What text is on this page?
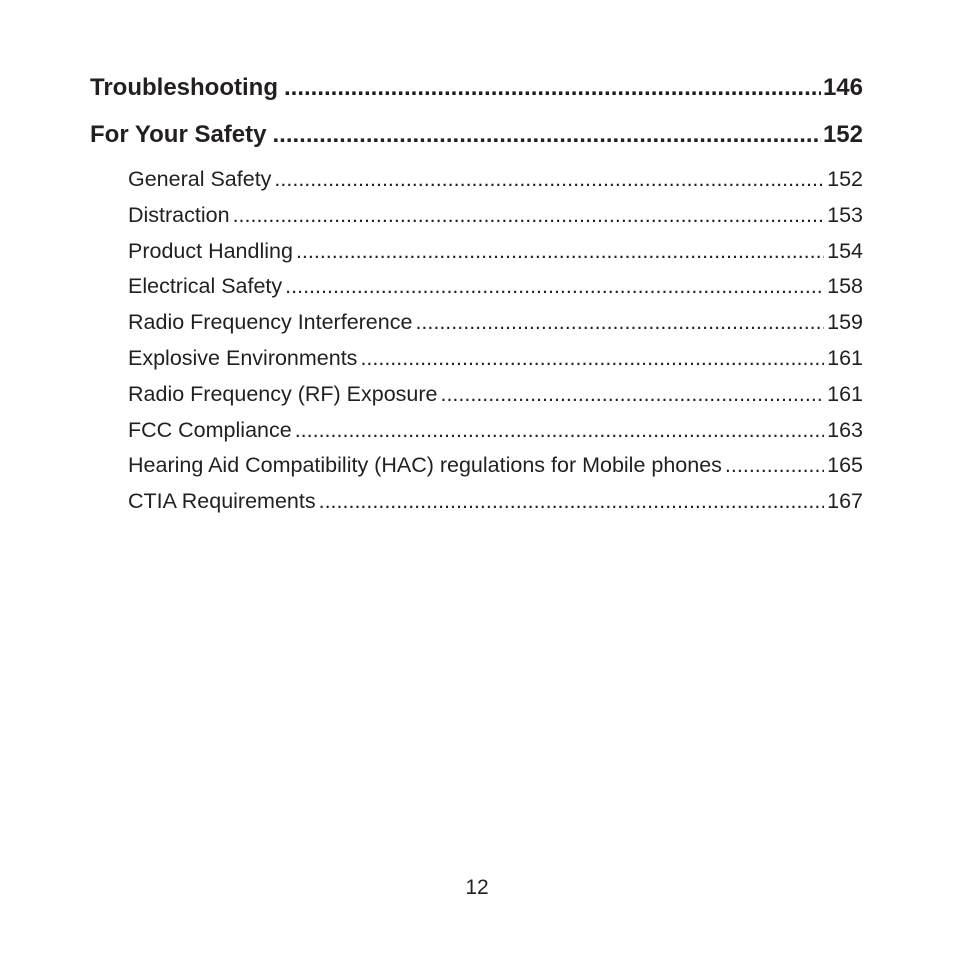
Troubleshooting .....	146
For Your Safety .....	152
General Safety .....	152
Distraction .....	153
Product Handling .....	154
Electrical Safety .....	158
Radio Frequency Interference .....	159
Explosive Environments .....	161
Radio Frequency (RF) Exposure .....	161
FCC Compliance .....	163
Hearing Aid Compatibility (HAC) regulations for Mobile phones .....	165
CTIA Requirements .....	167
12
